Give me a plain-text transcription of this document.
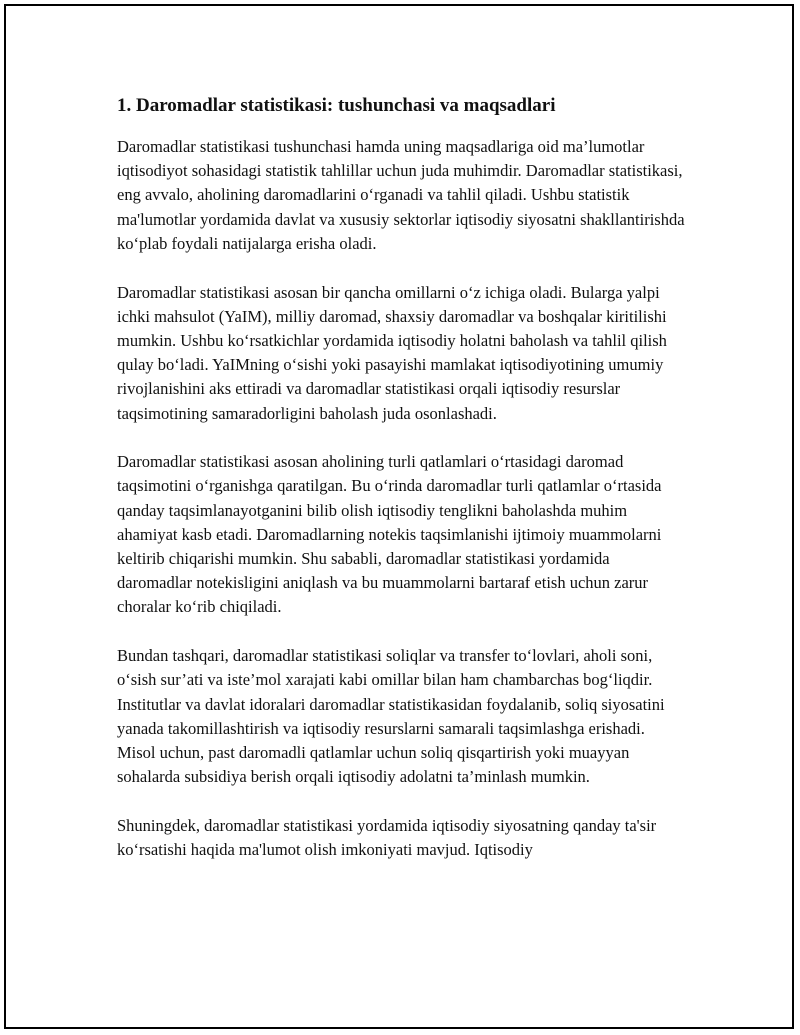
1. Daromadlar statistikasi: tushunchasi va maqsadlari

Daromadlar statistikasi tushunchasi hamda uning maqsadlariga oid ma’lumotlar iqtisodiyot sohasidagi statistik tahlillar uchun juda muhimdir. Daromadlar statistikasi, eng avvalo, aholining daromadlarini o‘rganadi va tahlil qiladi. Ushbu statistik ma'lumotlar yordamida davlat va xususiy sektorlar iqtisodiy siyosatni shakllantirishda ko‘plab foydali natijalarga erisha oladi.

Daromadlar statistikasi asosan bir qancha omillarni o‘z ichiga oladi. Bularga yalpi ichki mahsulot (YaIM), milliy daromad, shaxsiy daromadlar va boshqalar kiritilishi mumkin. Ushbu ko‘rsatkichlar yordamida iqtisodiy holatni baholash va tahlil qilish qulay bo‘ladi. YaIMning o‘sishi yoki pasayishi mamlakat iqtisodiyotining umumiy rivojlanishini aks ettiradi va daromadlar statistikasi orqali iqtisodiy resurslar taqsimotining samaradorligini baholash juda osonlashadi.

Daromadlar statistikasi asosan aholining turli qatlamlari o‘rtasidagi daromad taqsimotini o‘rganishga qaratilgan. Bu o‘rinda daromadlar turli qatlamlar o‘rtasida qanday taqsimlanayotganini bilib olish iqtisodiy tenglikni baholashda muhim ahamiyat kasb etadi. Daromadlarning notekis taqsimlanishi ijtimoiy muammolarni keltirib chiqarishi mumkin. Shu sababli, daromadlar statistikasi yordamida daromadlar notekisligini aniqlash va bu muammolarni bartaraf etish uchun zarur choralar ko‘rib chiqiladi.

Bundan tashqari, daromadlar statistikasi soliqlar va transfer to‘lovlari, aholi soni, o‘sish sur’ati va iste’mol xarajati kabi omillar bilan ham chambarchas bog‘liqdir. Institutlar va davlat idoralari daromadlar statistikasidan foydalanib, soliq siyosatini yanada takomillashtirish va iqtisodiy resurslarni samarali taqsimlashga erishadi. Misol uchun, past daromadli qatlamlar uchun soliq qisqartirish yoki muayyan sohalarda subsidiya berish orqali iqtisodiy adolatni ta’minlash mumkin.

Shuningdek, daromadlar statistikasi yordamida iqtisodiy siyosatning qanday ta'sir ko‘rsatishi haqida ma'lumot olish imkoniyati mavjud. Iqtisodiy
